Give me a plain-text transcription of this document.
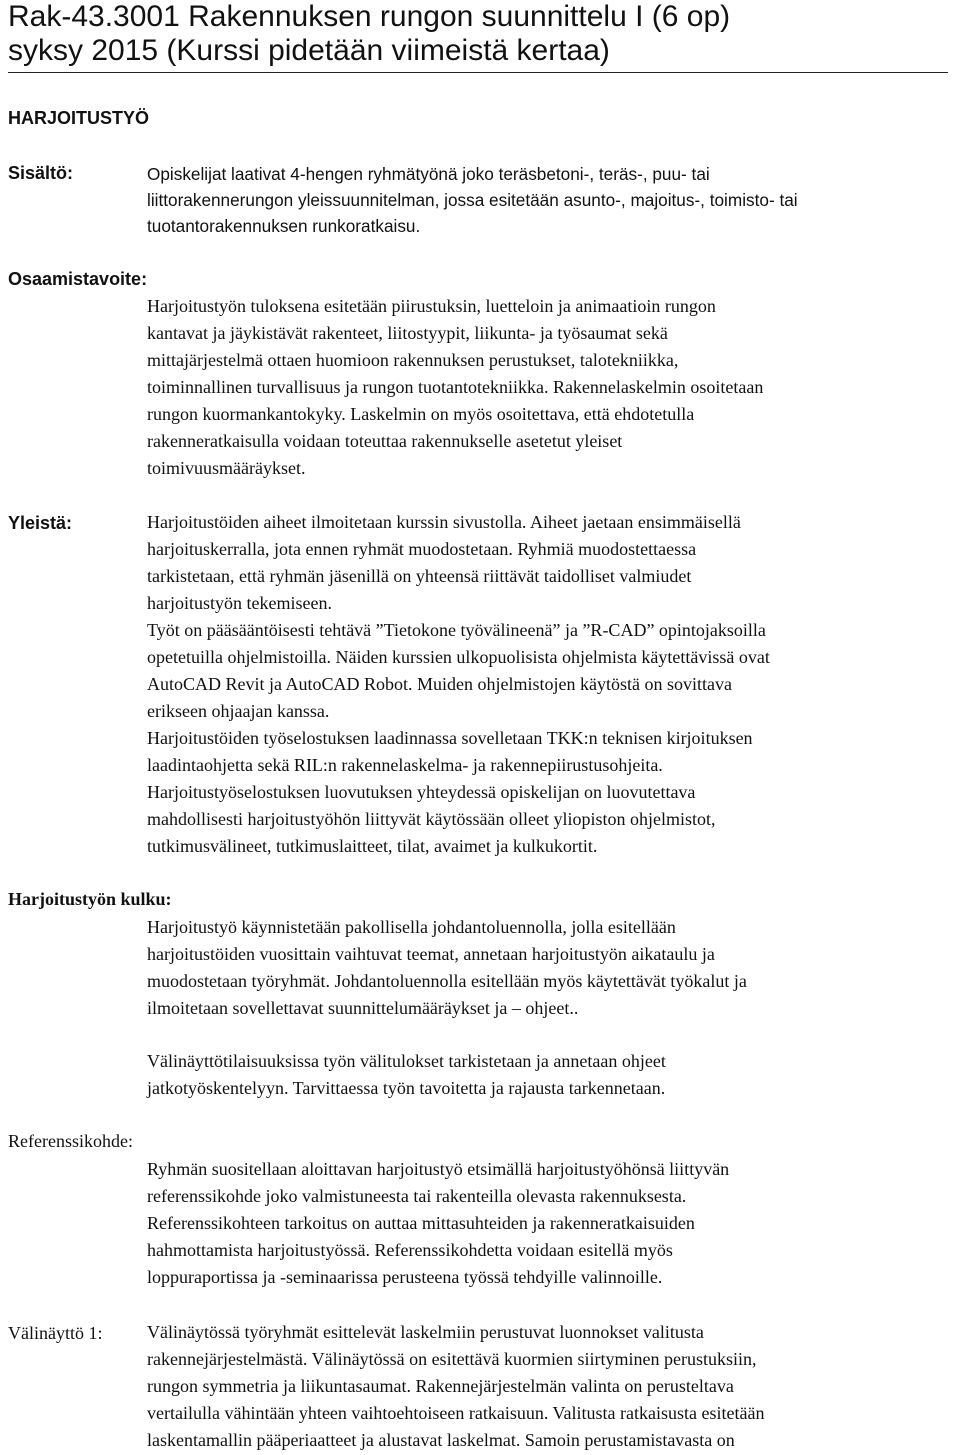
Rak-43.3001 Rakennuksen rungon suunnittelu I (6 op)
syksy 2015 (Kurssi pidetään viimeistä kertaa)
HARJOITUSTYÖ
Sisältö:	Opiskelijat laativat 4-hengen ryhmätyönä joko teräsbetoni-, teräs-, puu- tai
liittorakennerungon yleissuunnitelman, jossa esitetään asunto-, majoitus-, toimisto- tai
tuotantorakennuksen runkoratkaisu.
Osaamistavoite:
Harjoitustyön tuloksena esitetään piirustuksin, luetteloin ja animaatioin rungon
kantavat ja jäykistävät rakenteet, liitostyypit, liikunta- ja työsaumat sekä
mittajärjestelmä ottaen huomioon rakennuksen perustukset, talotekniikka,
toiminnallinen turvallisuus ja rungon tuotantotekniikka. Rakennelaskelmin osoitetaan
rungon kuormankantokyky. Laskelmin on myös osoitettava, että ehdotetulla
rakenneratkaisulla voidaan toteuttaa rakennukselle asetetut yleiset
toimivuusmääräykset.
Yleistä:	Harjoitustöiden aiheet ilmoitetaan kurssin sivustolla. Aiheet jaetaan ensimmäisellä
harjoituskerralla, jota ennen ryhmät muodostetaan. Ryhmiä muodostettaessa
tarkistetaan, että ryhmän jäsenillä on yhteensä riittävät taidolliset valmiudet
harjoitustyön tekemiseen.
Työt on pääsääntöisesti tehtävä ”Tietokone työvälineenä” ja ”R-CAD” opintojaksoilla
opetetuilla ohjelmistoilla. Näiden kurssien ulkopuolisista ohjelmista käytettävissä ovat
AutoCAD Revit ja AutoCAD Robot. Muiden ohjelmistojen käytöstä on sovittava
erikseen ohjaajan kanssa.
Harjoitustöiden työselostuksen laadinnassa sovelletaan TKK:n teknisen kirjoituksen
laadintaohjetta sekä RIL:n rakennelaskelma- ja rakennepiirustusohjeita.
Harjoitustyöselostuksen luovutuksen yhteydessä opiskelijan on luovutettava
mahdollisesti harjoitustyöhön liittyvät käytössään olleet yliopiston ohjelmistot,
tutkimusvälineet, tutkimuslaitteet, tilat, avaimet ja kulkukortit.
Harjoitustyön kulku:
Harjoitustyö käynnistetään pakollisella johdantoluennolla, jolla esitellään
harjoitustöiden vuosittain vaihtuvat teemat, annetaan harjoitustyön aikataulu ja
muodostetaan työryhmät. Johdantoluennolla esitellään myös käytettävät työkalut ja
ilmoitetaan sovellettavat suunnittelumääräykset ja – ohjeet..
Välinäyttötilaisuuksissa työn välitulokset tarkistetaan ja annetaan ohjeet
jatkotyöskentelyyn. Tarvittaessa työn tavoitetta ja rajausta tarkennetaan.
Referenssikohde:
Ryhmän suositellaan aloittavan harjoitustyö etsimällä harjoitustyöhönsä liittyvän
referenssikohde joko valmistuneesta tai rakenteilla olevasta rakennuksesta.
Referenssikohteen tarkoitus on auttaa mittasuhteiden ja rakenneratkaisuiden
hahmottamista harjoitustyössä. Referenssikohdetta voidaan esitellä myös
loppuraportissa ja -seminaarissa perusteena työssä tehdyille valinnoille.
Välinäyttö 1: Välinäytössä työryhmät esittelevät laskelmiin perustuvat luonnokset valitusta
rakennejärjestelmästä. Välinäytössä on esitettävä kuormien siirtyminen perustuksiin,
rungon symmetria ja liikuntasaumat. Rakennejärjestelmän valinta on perusteltava
vertailulla vähintään yhteen vaihtoehtoiseen ratkaisuun. Valitusta ratkaisusta esitetään
laskentamallin pääperiaatteet ja alustavat laskelmat. Samoin perustamistavasta on
